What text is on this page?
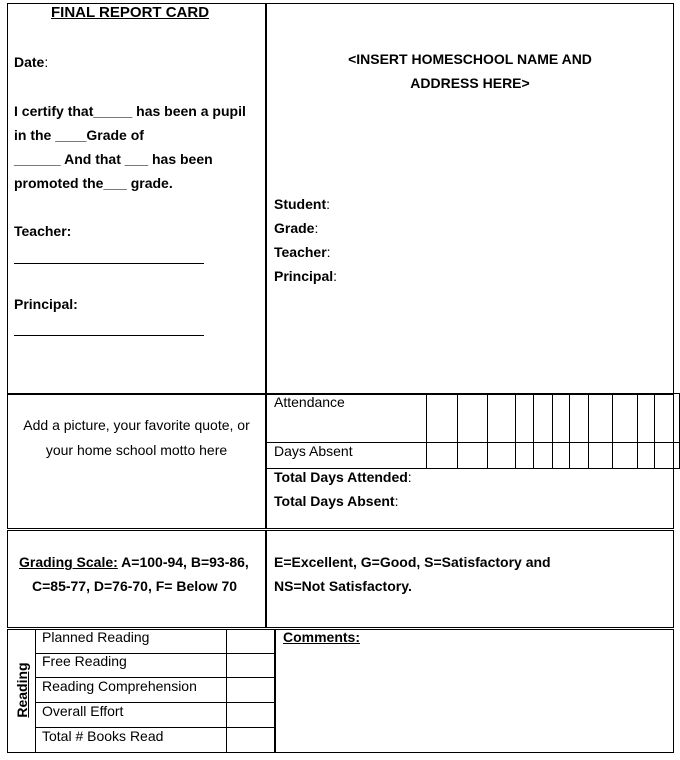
FINAL REPORT CARD
Date:
I certify that_____ has been a pupil
in the ____Grade of
______ And that ___ has been
promoted the___ grade.
Teacher:
Principal:
<INSERT HOMESCHOOL NAME AND
ADDRESS HERE>
Student:
Grade:
Teacher:
Principal:
Add a picture, your favorite quote, or
your home school motto here
Attendance											

Days Absent											

Total Days Attended:
Total Days Absent:
Grading Scale: A=100-94, B=93-86,
C=85-77, D=76-70, F= Below 70
E=Excellent, G=Good, S=Satisfactory and
NS=Not Satisfactory.
Reading
Planned Reading
Free Reading
Reading Comprehension
Overall Effort
Total # Books Read
Comments:
